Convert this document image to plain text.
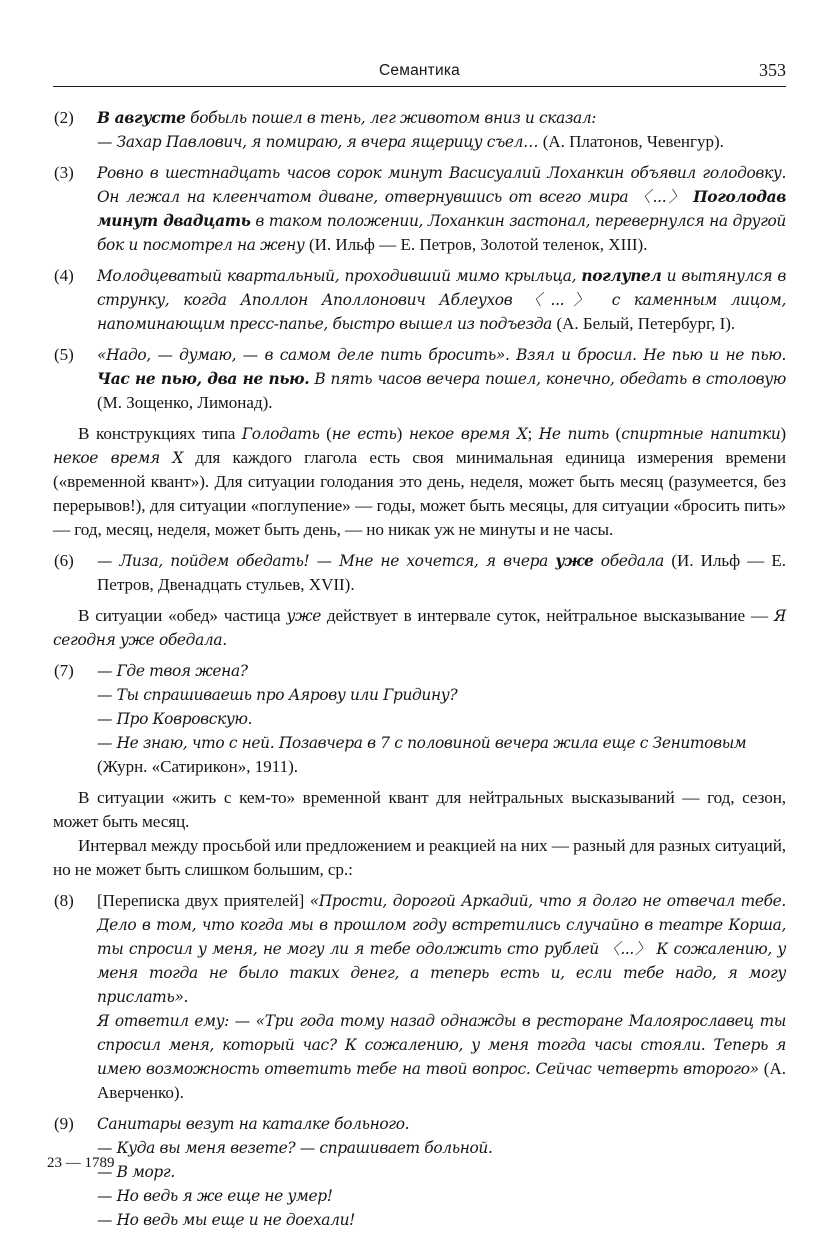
Семантика	353
(2) В августе бобыль пошел в тень, лег животом вниз и сказал:
— Захар Павлович, я помираю, я вчера ящерицу съел… (А. Платонов, Чевенгур).
(3) Ровно в шестнадцать часов сорок минут Васисуалий Лоханкин объявил голодовку. Он лежал на клеенчатом диване, отвернувшись от всего мира 〈...〉 Поголодав минут двадцать в таком положении, Лоханкин застонал, перевернулся на другой бок и посмотрел на жену (И. Ильф — Е. Петров, Золотой теленок, XIII).
(4) Молодцеватый квартальный, проходивший мимо крыльца, поглупел и вытянулся в струнку, когда Аполлон Аполлонович Аблеухов 〈...〉 с каменным лицом, напоминающим пресс-папье, быстро вышел из подъезда (А. Белый, Петербург, I).
(5) «Надо, — думаю, — в самом деле пить бросить». Взял и бросил. Не пью и не пью. Час не пью, два не пью. В пять часов вечера пошел, конечно, обедать в столовую (М. Зощенко, Лимонад).

В конструкциях типа Голодать (не есть) некое время X; Не пить (спиртные напитки) некое время X для каждого глагола есть своя минимальная единица измерения времени («временной квант»). Для ситуации голодания это день, неделя, может быть месяц (разумеется, без перерывов!), для ситуации «поглупение» — годы, может быть месяцы, для ситуации «бросить пить» — год, месяц, неделя, может быть день, — но никак уж не минуты и не часы.

(6) — Лиза, пойдем обедать! — Мне не хочется, я вчера уже обедала (И. Ильф — Е. Петров, Двенадцать стульев, XVII).

В ситуации «обед» частица уже действует в интервале суток, нейтральное высказывание — Я сегодня уже обедала.

(7) — Где твоя жена?
— Ты спрашиваешь про Аярову или Гридину?
— Про Ковровскую.
— Не знаю, что с ней. Позавчера в 7 с половиной вечера жила еще с Зенитовым
(Журн. «Сатирикон», 1911).

В ситуации «жить с кем-то» временной квант для нейтральных высказываний — год, сезон, может быть месяц.

Интервал между просьбой или предложением и реакцией на них — разный для разных ситуаций, но не может быть слишком большим, ср.:

(8) [Переписка двух приятелей] «Прости, дорогой Аркадий, что я долго не отвечал тебе. Дело в том, что когда мы в прошлом году встретились случайно в театре Корша, ты спросил у меня, не могу ли я тебе одолжить сто рублей 〈...〉 К сожалению, у меня тогда не было таких денег, а теперь есть и, если тебе надо, я могу прислать».
Я ответил ему: — «Три года тому назад однажды в ресторане Малоярославец ты спросил меня, который час? К сожалению, у меня тогда часы стояли. Теперь я имею возможность ответить тебе на твой вопрос. Сейчас четверть второго» (А. Аверченко).
(9) Санитары везут на каталке больного.
— Куда вы меня везете? — спрашивает больной.
— В морг.
— Но ведь я же еще не умер!
— Но ведь мы еще и не доехали!
23 — 1789
